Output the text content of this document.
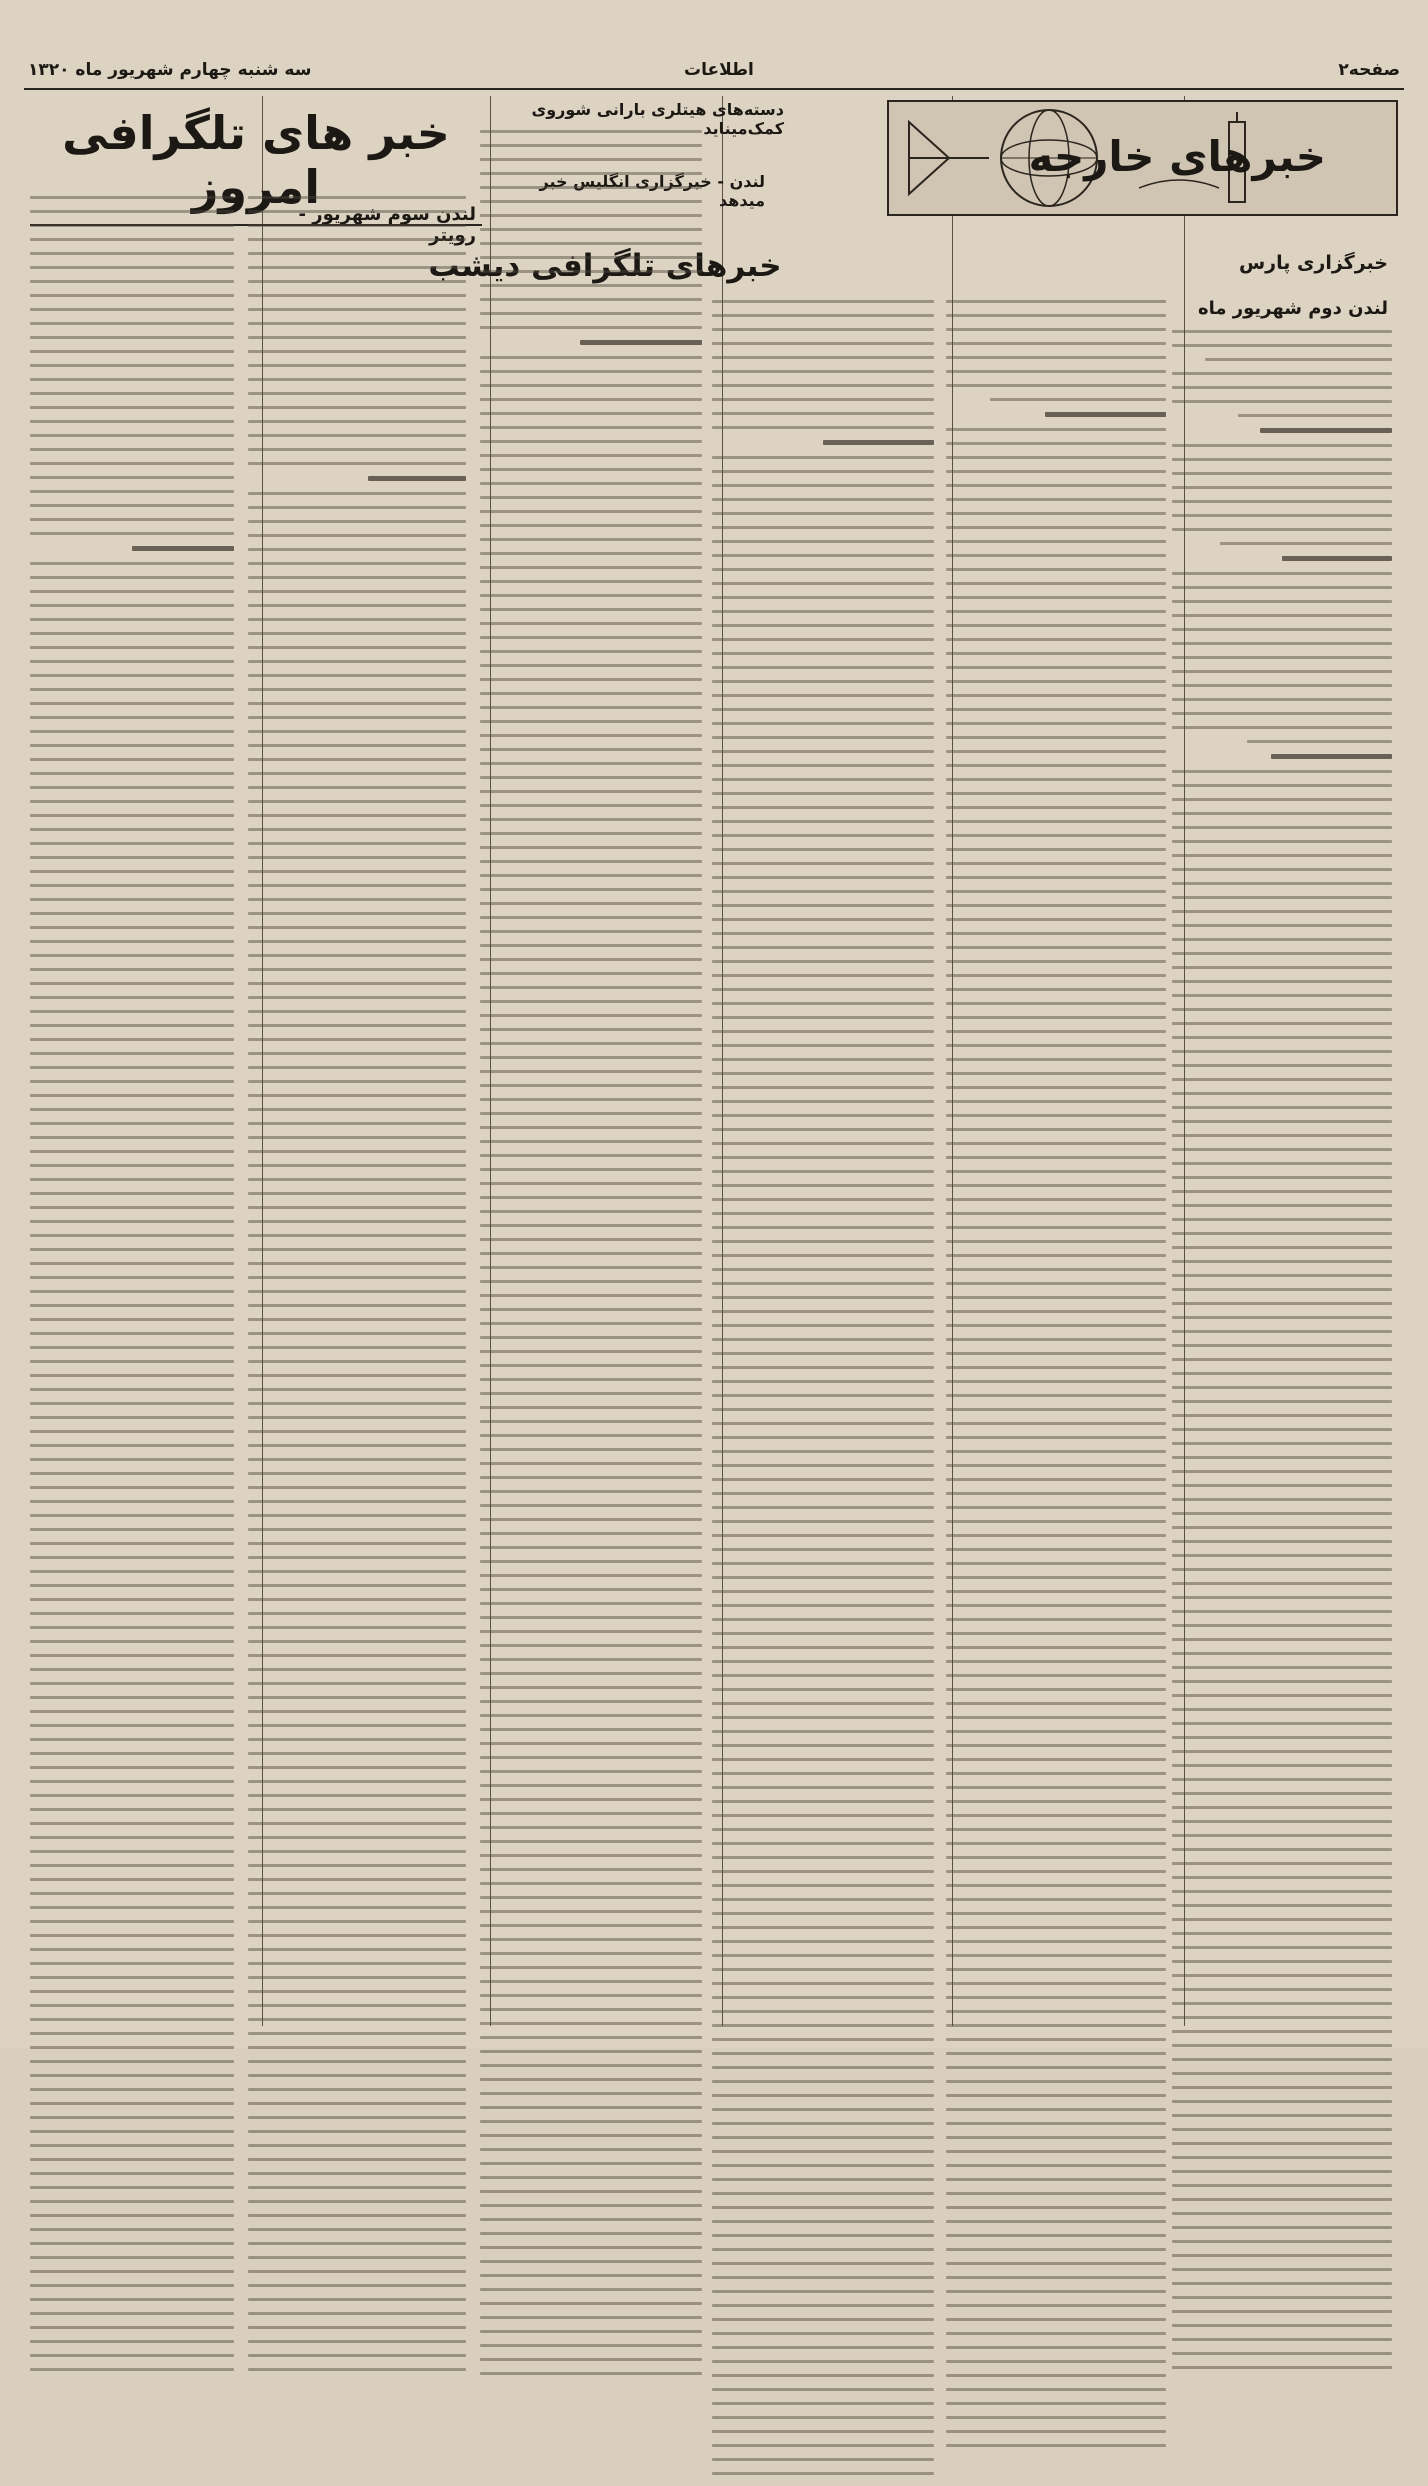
صفحه۲
اطلاعات
سه شنبه چهارم شهریور ماه ۱۳۲۰
خبرهای خارجه
خبر های تلگرافی امروز
خبرهای تلگرافی دیشب	خبرگزاری پارس
دسته‌های هیتلری بارانی شوروی کمک‌میناید
لندن دوم شهریور ماه
لندن - خبرگزاری انگلیس خبر میدهد
لندن سوم شهریور - رویتر
